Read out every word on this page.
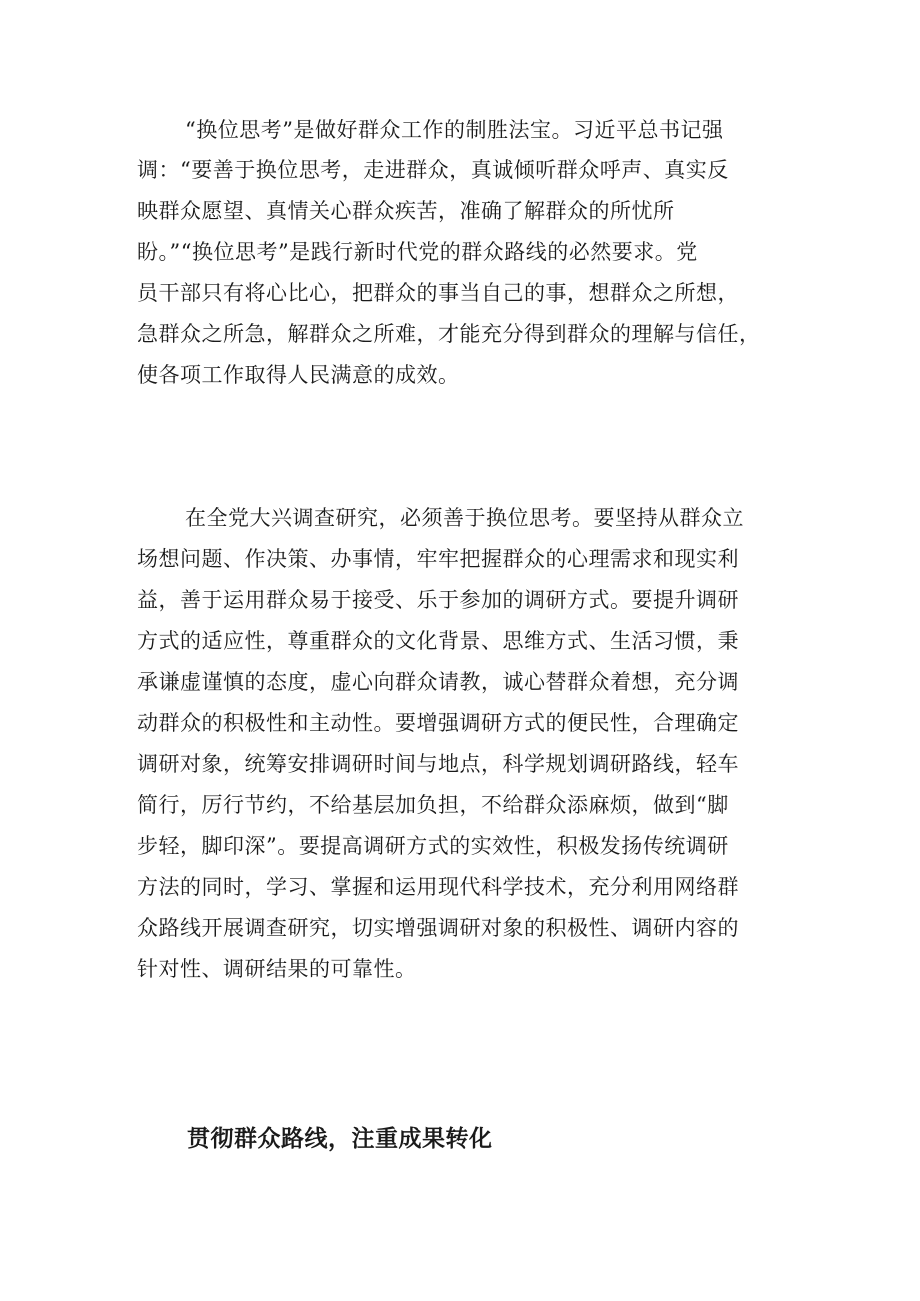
“换位思考”是做好群众工作的制胜法宝。习近平总书记强
调：“要善于换位思考，走进群众，真诚倾听群众呼声、真实反
映群众愿望、真情关心群众疾苦，准确了解群众的所忧所
盼。”“换位思考”是践行新时代党的群众路线的必然要求。党
员干部只有将心比心，把群众的事当自己的事，想群众之所想，
急群众之所急，解群众之所难，才能充分得到群众的理解与信任，
使各项工作取得人民满意的成效。
在全党大兴调查研究，必须善于换位思考。要坚持从群众立
场想问题、作决策、办事情，牢牢把握群众的心理需求和现实利
益，善于运用群众易于接受、乐于参加的调研方式。要提升调研
方式的适应性，尊重群众的文化背景、思维方式、生活习惯，秉
承谦虚谨慎的态度，虚心向群众请教，诚心替群众着想，充分调
动群众的积极性和主动性。要增强调研方式的便民性，合理确定
调研对象，统筹安排调研时间与地点，科学规划调研路线，轻车
简行，厉行节约，不给基层加负担，不给群众添麻烦，做到“脚
步轻，脚印深”。要提高调研方式的实效性，积极发扬传统调研
方法的同时，学习、掌握和运用现代科学技术，充分利用网络群
众路线开展调查研究，切实增强调研对象的积极性、调研内容的
针对性、调研结果的可靠性。
贯彻群众路线，注重成果转化
